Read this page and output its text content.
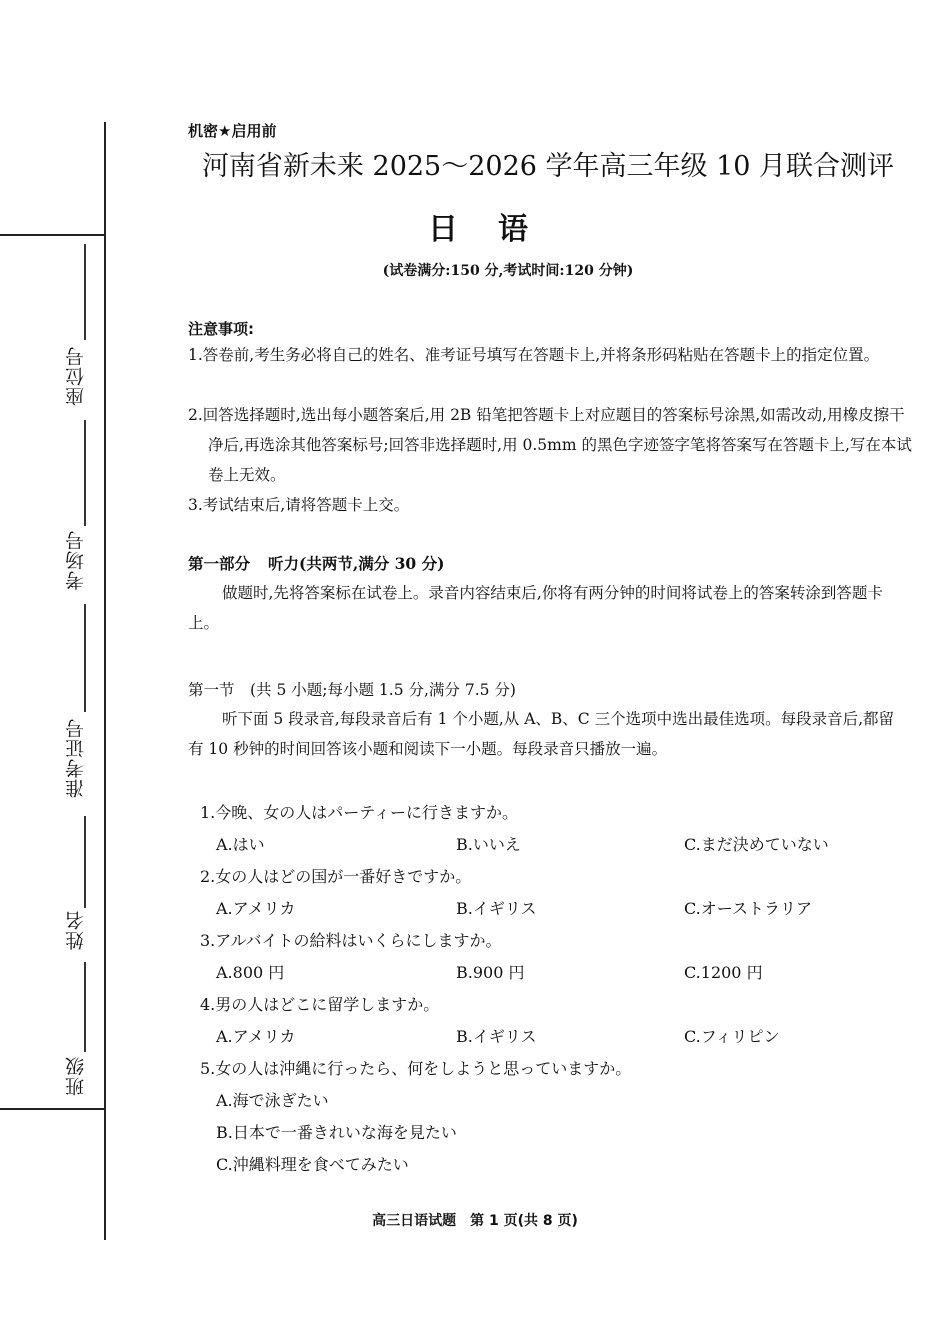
座位号
考场号
准考证号
姓名
班级
机密★启用前
河南省新未来 2025～2026 学年高三年级 10 月联合测评
日语
(试卷满分:150 分,考试时间:120 分钟)
注意事项:
1.答卷前,考生务必将自己的姓名、准考证号填写在答题卡上,并将条形码粘贴在答题卡上的指定位置。
2.回答选择题时,选出每小题答案后,用 2B 铅笔把答题卡上对应题目的答案标号涂黑,如需改动,用橡皮擦干净后,再选涂其他答案标号;回答非选择题时,用 0.5mm 的黑色字迹签字笔将答案写在答题卡上,写在本试卷上无效。
3.考试结束后,请将答题卡上交。
第一部分 听力(共两节,满分 30 分)
做题时,先将答案标在试卷上。录音内容结束后,你将有两分钟的时间将试卷上的答案转涂到答题卡上。
第一节　(共 5 小题;每小题 1.5 分,满分 7.5 分)
听下面 5 段录音,每段录音后有 1 个小题,从 A、B、C 三个选项中选出最佳选项。每段录音后,都留有 10 秒钟的时间回答该小题和阅读下一小题。每段录音只播放一遍。
1.今晚、女の人はパーティーに行きますか。
A.はい	B.いいえ	C.まだ決めていない
2.女の人はどの国が一番好きですか。
A.アメリカ	B.イギリス	C.オーストラリア
3.アルバイトの給料はいくらにしますか。
A.800 円	B.900 円	C.1200 円
4.男の人はどこに留学しますか。
A.アメリカ	B.イギリス	C.フィリピン
5.女の人は沖縄に行ったら、何をしようと思っていますか。
A.海で泳ぎたい
B.日本で一番きれいな海を見たい
C.沖縄料理を食べてみたい
高三日语试题　第 1 页(共 8 页)
